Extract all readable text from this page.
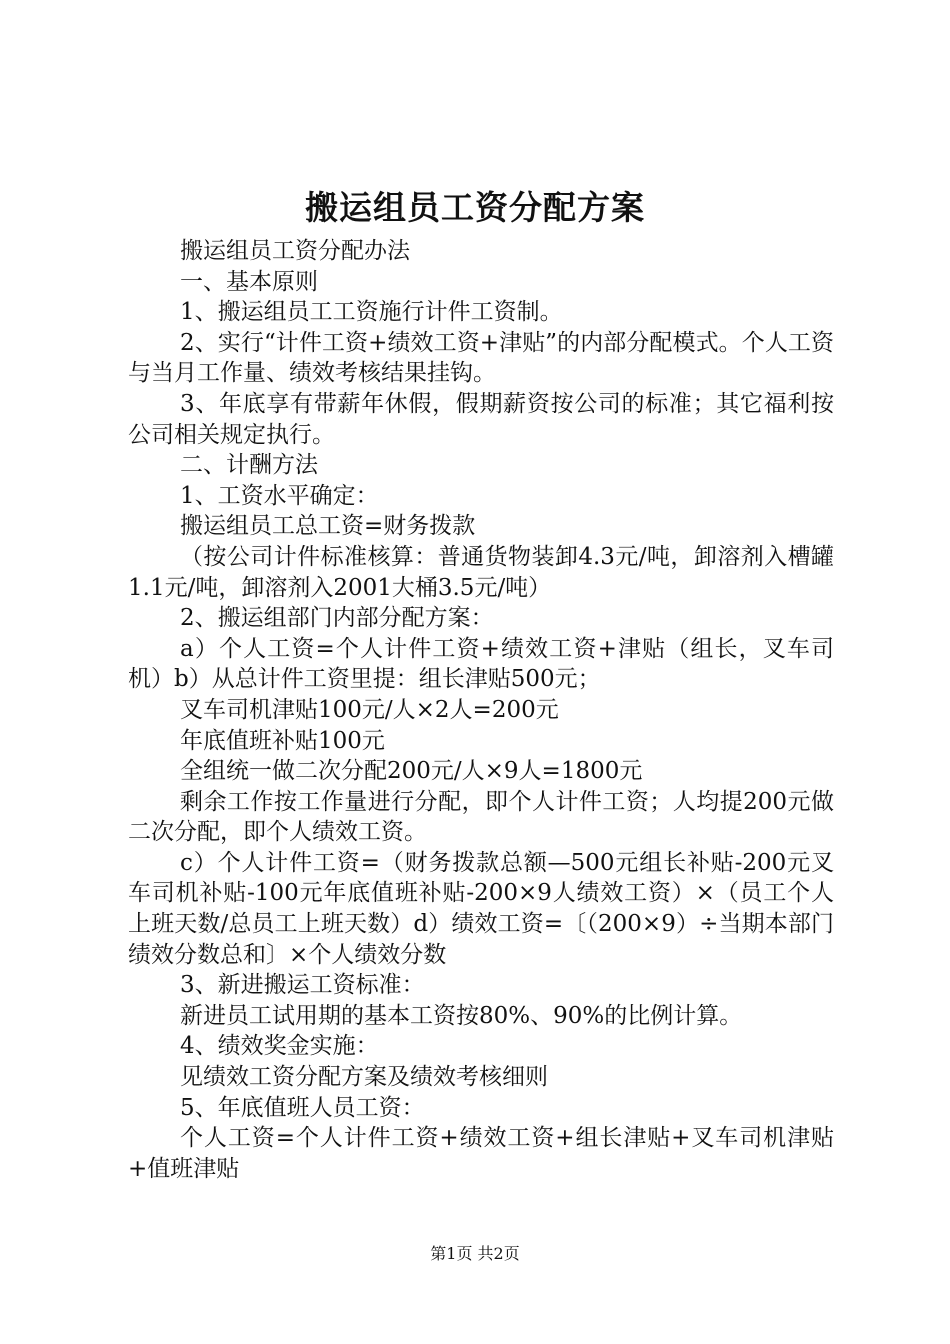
搬运组员工资分配方案

搬运组员工资分配办法

一、基本原则

1、搬运组员工工资施行计件工资制。

2、实行“计件工资+绩效工资+津贴”的内部分配模式。个人工资与当月工作量、绩效考核结果挂钩。

3、年底享有带薪年休假，假期薪资按公司的标准；其它福利按公司相关规定执行。

二、计酬方法

1、工资水平确定：

搬运组员工总工资=财务拨款

（按公司计件标准核算：普通货物装卸4.3元/吨，卸溶剂入槽罐1.1元/吨，卸溶剂入2001大桶3.5元/吨）

2、搬运组部门内部分配方案：

a）个人工资=个人计件工资+绩效工资+津贴（组长，叉车司机）b）从总计件工资里提：组长津贴500元；

叉车司机津贴100元/人×2人=200元

年底值班补贴100元

全组统一做二次分配200元/人×9人=1800元

剩余工作按工作量进行分配，即个人计件工资；人均提200元做二次分配，即个人绩效工资。

c）个人计件工资=（财务拨款总额—500元组长补贴-200元叉车司机补贴-100元年底值班补贴-200×9人绩效工资）×（员工个人上班天数/总员工上班天数）d）绩效工资=〔（200×9）÷当期本部门绩效分数总和〕×个人绩效分数

3、新进搬运工资标准：

新进员工试用期的基本工资按80%、90%的比例计算。

4、绩效奖金实施：

见绩效工资分配方案及绩效考核细则

5、年底值班人员工资：

个人工资=个人计件工资+绩效工资+组长津贴+叉车司机津贴+值班津贴

第1页 共2页
